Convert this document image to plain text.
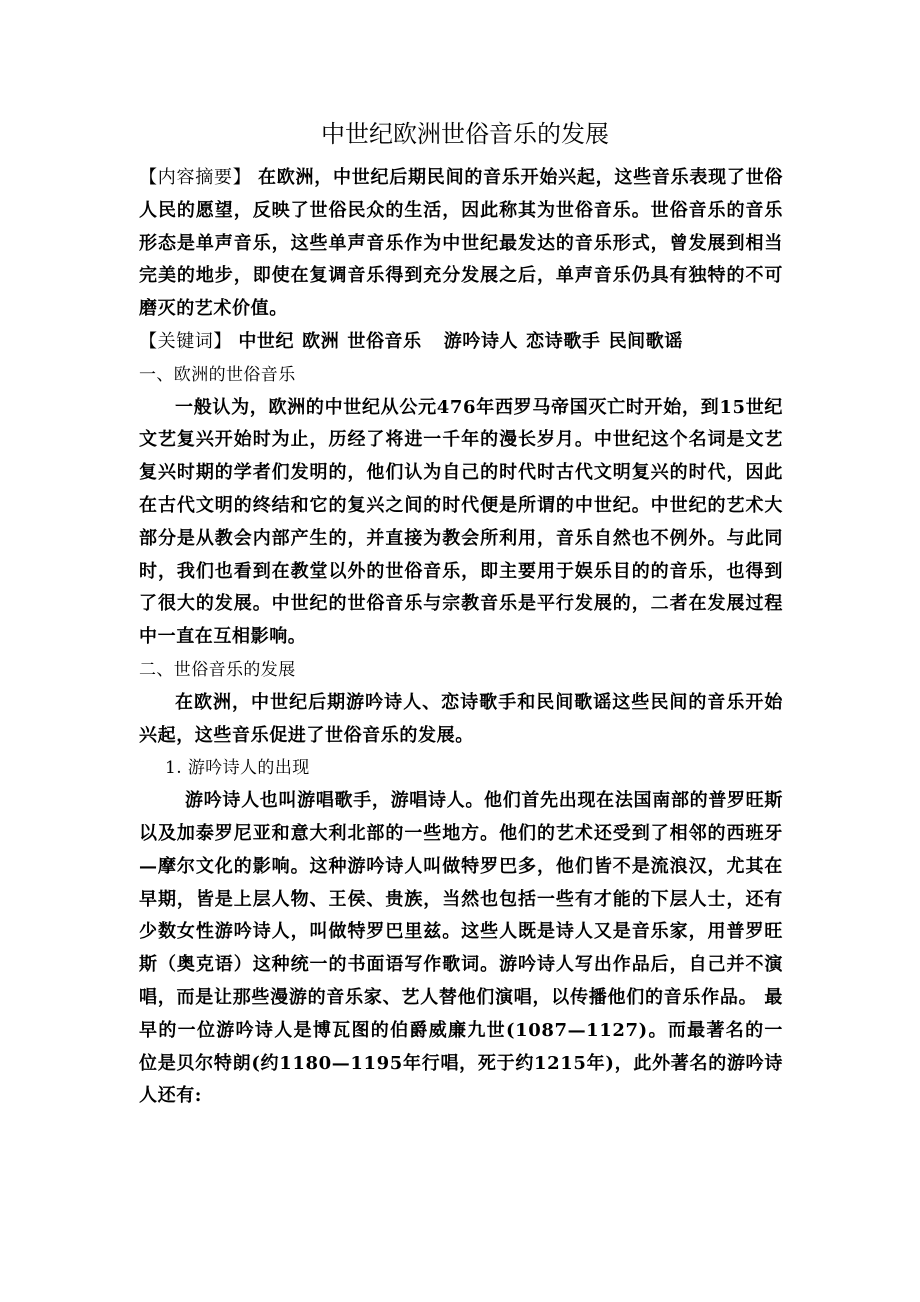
中世纪欧洲世俗音乐的发展

【内容摘要】 在欧洲，中世纪后期民间的音乐开始兴起，这些音乐表现了世俗人民的愿望，反映了世俗民众的生活，因此称其为世俗音乐。世俗音乐的音乐形态是单声音乐，这些单声音乐作为中世纪最发达的音乐形式，曾发展到相当完美的地步，即使在复调音乐得到充分发展之后，单声音乐仍具有独特的不可磨灭的艺术价值。

【关键词】 中世纪 欧洲 世俗音乐 游吟诗人 恋诗歌手 民间歌谣

一、欧洲的世俗音乐

一般认为，欧洲的中世纪从公元476年西罗马帝国灭亡时开始，到15世纪文艺复兴开始时为止，历经了将进一千年的漫长岁月。中世纪这个名词是文艺复兴时期的学者们发明的，他们认为自己的时代时古代文明复兴的时代，因此在古代文明的终结和它的复兴之间的时代便是所谓的中世纪。中世纪的艺术大部分是从教会内部产生的，并直接为教会所利用，音乐自然也不例外。与此同时，我们也看到在教堂以外的世俗音乐，即主要用于娱乐目的的音乐，也得到了很大的发展。中世纪的世俗音乐与宗教音乐是平行发展的，二者在发展过程中一直在互相影响。

二、世俗音乐的发展

在欧洲，中世纪后期游吟诗人、恋诗歌手和民间歌谣这些民间的音乐开始兴起，这些音乐促进了世俗音乐的发展。

1. 游吟诗人的出现

游吟诗人也叫游唱歌手，游唱诗人。他们首先出现在法国南部的普罗旺斯以及加泰罗尼亚和意大利北部的一些地方。他们的艺术还受到了相邻的西班牙—摩尔文化的影响。这种游吟诗人叫做特罗巴多，他们皆不是流浪汉，尤其在早期，皆是上层人物、王侯、贵族，当然也包括一些有才能的下层人士，还有少数女性游吟诗人，叫做特罗巴里兹。这些人既是诗人又是音乐家，用普罗旺斯（奥克语）这种统一的书面语写作歌词。游吟诗人写出作品后，自己并不演唱，而是让那些漫游的音乐家、艺人替他们演唱，以传播他们的音乐作品。 最早的一位游吟诗人是博瓦图的伯爵威廉九世(1087—1127)。而最著名的一位是贝尔特朗(约1180—1195年行唱，死于约1215年)，此外著名的游吟诗人还有:
